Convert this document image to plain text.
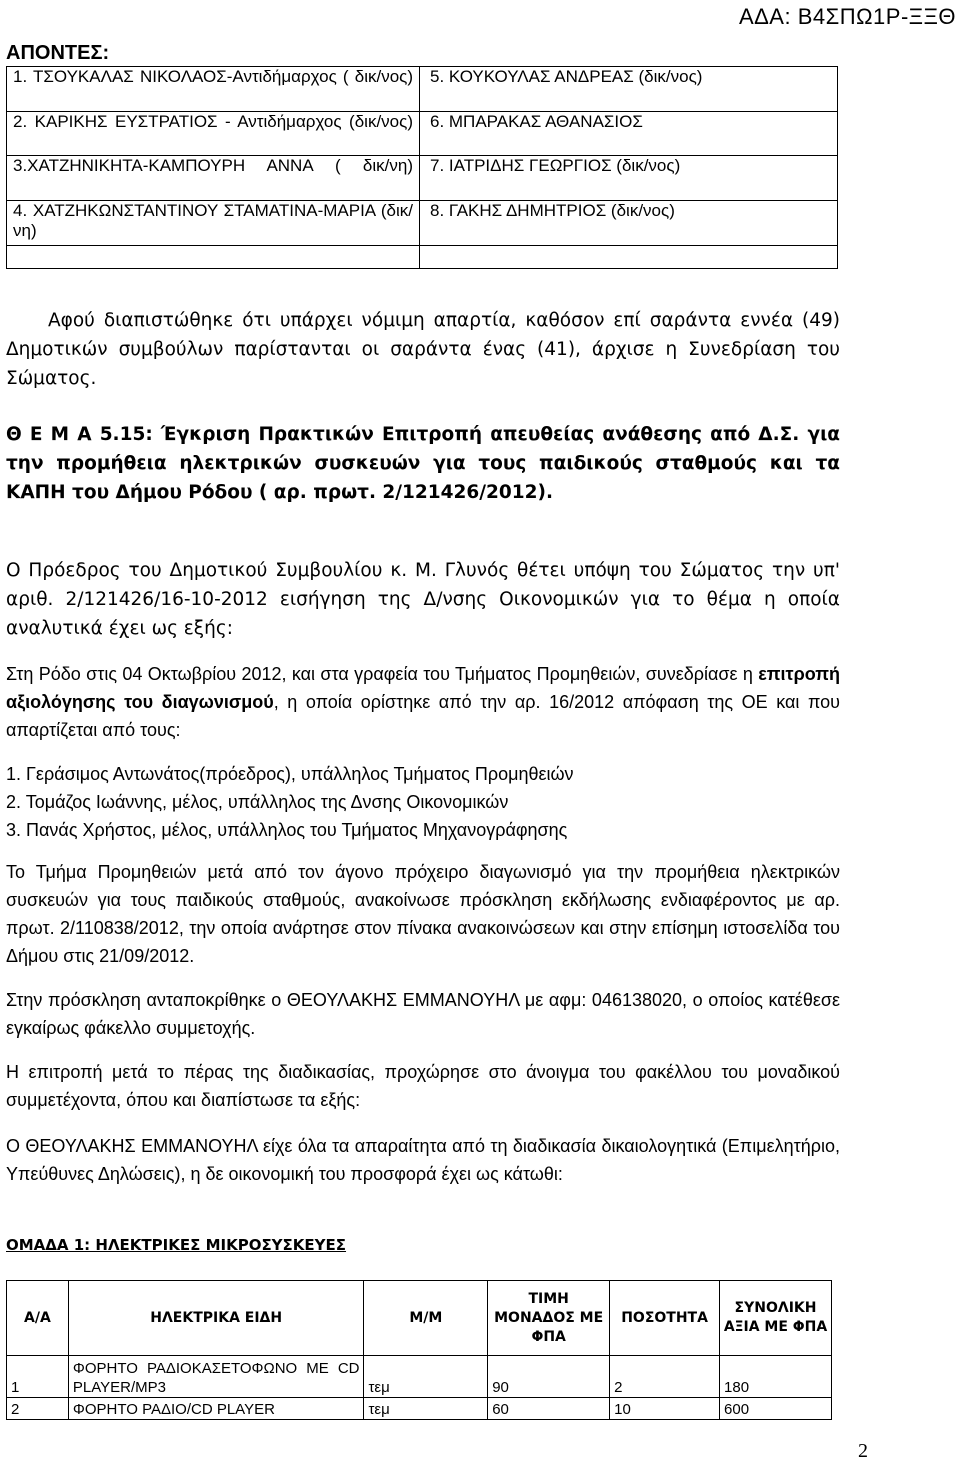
ΑΔΑ: Β4ΣΠΩ1Ρ-ΞΞΘ
ΑΠΟΝΤΕΣ:
1. ΤΣΟΥΚΑΛΑΣ ΝΙΚΟΛΑΟΣ-Αντιδήμαρχος ( δικ/νος)	5. ΚΟΥΚΟΥΛΑΣ ΑΝΔΡΕΑΣ (δικ/νος)
2. ΚΑΡΙΚΗΣ ΕΥΣΤΡΑΤΙΟΣ - Αντιδήμαρχος (δικ/νος)	6. ΜΠΑΡΑΚΑΣ ΑΘΑΝΑΣΙΟΣ
3.ΧΑΤΖΗΝΙΚΗΤΑ-ΚΑΜΠΟΥΡΗ ΑΝΝΑ ( δικ/νη)	7. ΙΑΤΡΙΔΗΣ ΓΕΩΡΓΙΟΣ (δικ/νος)
4. ΧΑΤΖΗΚΩΝΣΤΑΝΤΙΝΟΥ ΣΤΑΜΑΤΙΝΑ-ΜΑΡΙΑ (δικ/νη)	8. ΓΑΚΗΣ ΔΗΜΗΤΡΙΟΣ (δικ/νος)

Αφού διαπιστώθηκε ότι υπάρχει νόμιμη απαρτία, καθόσον επί σαράντα εννέα (49) Δημοτικών συμβούλων παρίστανται οι σαράντα ένας (41), άρχισε η Συνεδρίαση του Σώματος.
Θ Ε Μ Α 5.15: Έγκριση Πρακτικών Επιτροπή απευθείας ανάθεσης από Δ.Σ. για την προμήθεια ηλεκτρικών συσκευών για τους παιδικούς σταθμούς και τα ΚΑΠΗ του Δήμου Ρόδου ( αρ. πρωτ. 2/121426/2012).
Ο Πρόεδρος του Δημοτικού Συμβουλίου κ. Μ. Γλυνός θέτει υπόψη του Σώματος την υπ' αριθ. 2/121426/16-10-2012 εισήγηση της Δ/νσης Οικονομικών για το θέμα η οποία αναλυτικά έχει ως εξής:
Στη Ρόδο στις 04 Οκτωβρίου 2012, και στα γραφεία του Τμήματος Προμηθειών, συνεδρίασε η επιτροπή αξιολόγησης του διαγωνισμού, η οποία ορίστηκε από την αρ. 16/2012 απόφαση της ΟΕ και που απαρτίζεται από τους:
1. Γεράσιμος Αντωνάτος(πρόεδρος), υπάλληλος Τμήματος Προμηθειών
2. Τομάζος Ιωάννης, μέλος, υπάλληλος της Δνσης Οικονομικών
3. Πανάς Χρήστος, μέλος, υπάλληλος του Τμήματος Μηχανογράφησης
Το Τμήμα Προμηθειών μετά από τον άγονο πρόχειρο διαγωνισμό για την προμήθεια ηλεκτρικών συσκευών για τους παιδικούς σταθμούς, ανακοίνωσε πρόσκληση εκδήλωσης ενδιαφέροντος με αρ. πρωτ. 2/110838/2012, την οποία ανάρτησε στον πίνακα ανακοινώσεων και στην επίσημη ιστοσελίδα του Δήμου στις 21/09/2012.
Στην πρόσκληση ανταποκρίθηκε ο ΘΕΟΥΛΑΚΗΣ ΕΜΜΑΝΟΥΗΛ με αφμ: 046138020, ο οποίος κατέθεσε εγκαίρως φάκελλο συμμετοχής.
Η επιτροπή μετά το πέρας της διαδικασίας, προχώρησε στο άνοιγμα του φακέλλου του μοναδικού συμμετέχοντα, όπου και διαπίστωσε τα εξής:
Ο ΘΕΟΥΛΑΚΗΣ ΕΜΜΑΝΟΥΗΛ είχε όλα τα απαραίτητα από τη διαδικασία δικαιολογητικά (Επιμελητήριο, Υπεύθυνες Δηλώσεις), η δε οικονομική του προσφορά έχει ως κάτωθι:
ΟΜΑΔΑ 1: ΗΛΕΚΤΡΙΚΕΣ ΜΙΚΡΟΣΥΣΚΕΥΕΣ
Α/Α	ΗΛΕΚΤΡΙΚΑ ΕΙΔΗ	Μ/Μ	ΤΙΜΗ ΜΟΝΑΔΟΣ ΜΕ ΦΠΑ	ΠΟΣΟΤΗΤΑ	ΣΥΝΟΛΙΚΗ ΑΞΙΑ ΜΕ ΦΠΑ
1	ΦΟΡΗΤΟ ΡΑΔΙΟΚΑΣΕΤΟΦΩΝΟ ΜΕ CD PLAYER/MP3	τεμ	90	2	180
2	ΦΟΡΗΤΟ ΡΑΔΙΟ/CD PLAYER	τεμ	60	10	600
2
